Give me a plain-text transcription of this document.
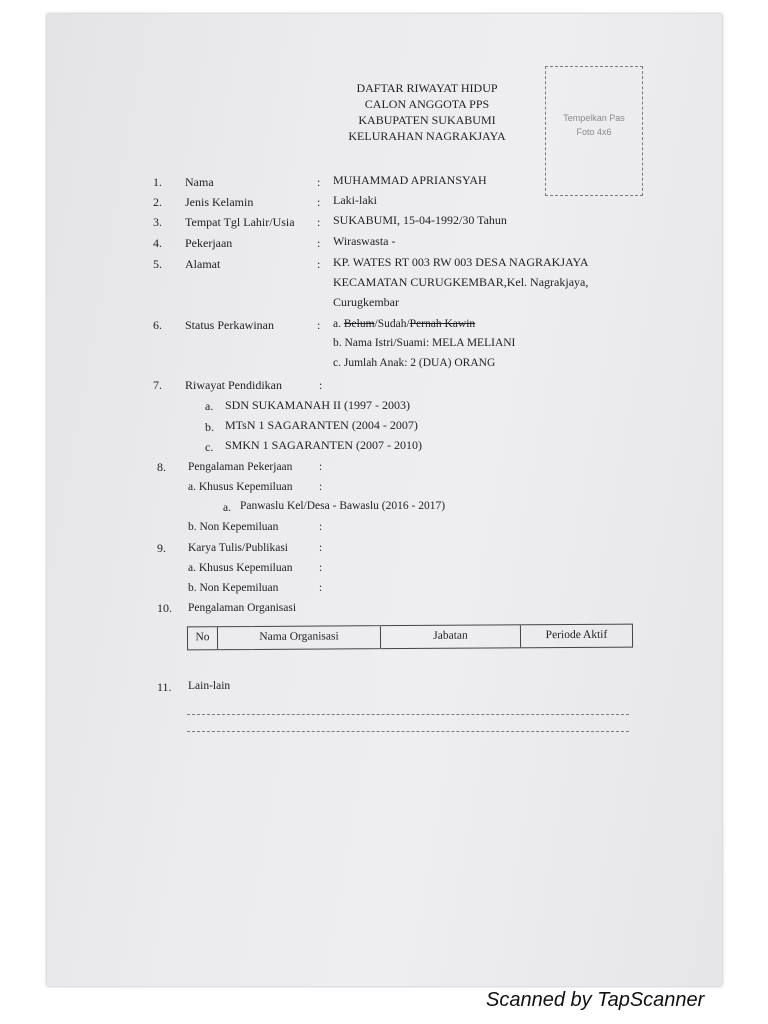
DAFTAR RIWAYAT HIDUP
CALON ANGGOTA PPS
KABUPATEN SUKABUMI
KELURAHAN NAGRAKJAYA
Tempelkan Pas
Foto 4x6
1. Nama	: MUHAMMAD APRIANSYAH
2. Jenis Kelamin	: Laki-laki
3. Tempat Tgl Lahir/Usia : SUKABUMI, 15-04-1992/30 Tahun
4. Pekerjaan	: Wiraswasta -
5. Alamat	: KP. WATES RT 003 RW 003 DESA NAGRAKJAYA
KECAMATAN CURUGKEMBAR,Kel. Nagrakjaya,
Curugkembar
6. Status Perkawinan	: a. Belum/Sudah/Pernah Kawin
b. Nama Istri/Suami: MELA MELIANI
c. Jumlah Anak: 2 (DUA) ORANG
7. Riwayat Pendidikan	:
a. SDN SUKAMANAH II (1997 - 2003)
b. MTsN 1 SAGARANTEN (2004 - 2007)
c. SMKN 1 SAGARANTEN (2007 - 2010)
8. Pengalaman Pekerjaan :
a. Khusus Kepemiluan :
a. Panwaslu Kel/Desa - Bawaslu (2016 - 2017)
b. Non Kepemiluan	:
9. Karya Tulis/Publikasi	:
a. Khusus Kepemiluan :
b. Non Kepemiluan	:
10. Pengalaman Organisasi
No	Nama Organisasi	Jabatan	Periode Aktif
11. Lain-lain
Scanned by TapScanner
